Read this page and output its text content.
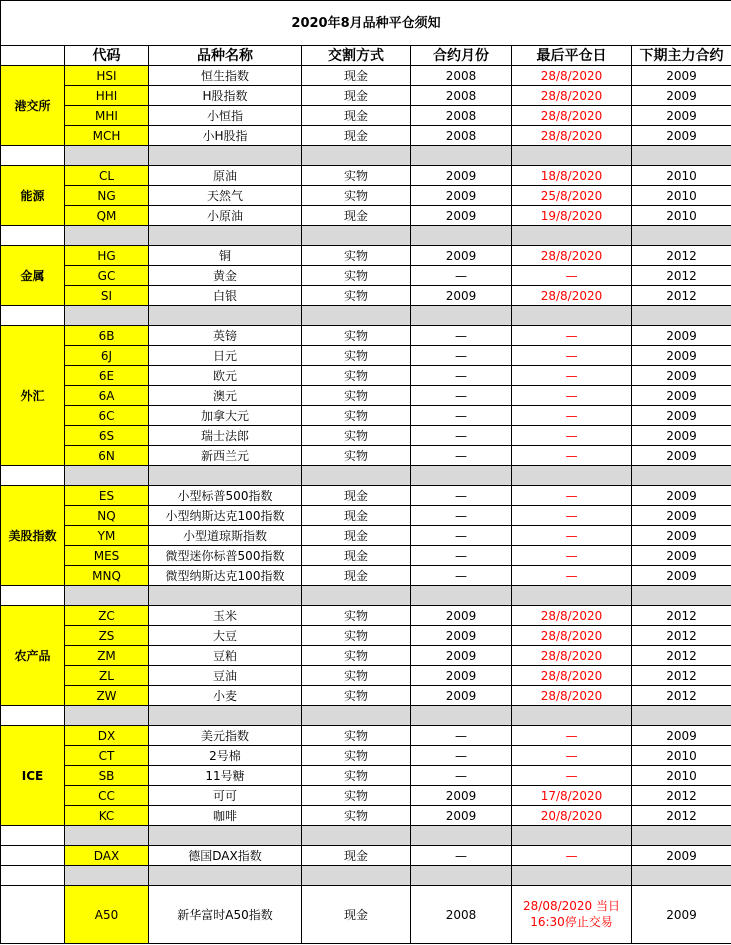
2020年8月品种平仓须知						
	代码	品种名称	交割方式	合约月份	最后平仓日	下期主力合约
港交所	HSI	恒生指数	现金	2008	28/8/2020	2009
	HHI	H股指数	现金	2008	28/8/2020	2009
	MHI	小恒指	现金	2008	28/8/2020	2009
	MCH	小H股指	现金	2008	28/8/2020	2009

能源	CL	原油	实物	2009	18/8/2020	2010
	NG	天然气	实物	2009	25/8/2020	2010
	QM	小原油	现金	2009	19/8/2020	2010

金属	HG	铜	实物	2009	28/8/2020	2012
	GC	黄金	实物	—	—	2012
	SI	白银	实物	2009	28/8/2020	2012

外汇	6B	英镑	实物	—	—	2009
	6J	日元	实物	—	—	2009
	6E	欧元	实物	—	—	2009
	6A	澳元	实物	—	—	2009
	6C	加拿大元	实物	—	—	2009
	6S	瑞士法郎	实物	—	—	2009
	6N	新西兰元	实物	—	—	2009

美股指数	ES	小型标普500指数	现金	—	—	2009
	NQ	小型纳斯达克100指数	现金	—	—	2009
	YM	小型道琼斯指数	现金	—	—	2009
	MES	微型迷你标普500指数	现金	—	—	2009
	MNQ	微型纳斯达克100指数	现金	—	—	2009

农产品	ZC	玉米	实物	2009	28/8/2020	2012
	ZS	大豆	实物	2009	28/8/2020	2012
	ZM	豆粕	实物	2009	28/8/2020	2012
	ZL	豆油	实物	2009	28/8/2020	2012
	ZW	小麦	实物	2009	28/8/2020	2012

ICE	DX	美元指数	实物	—	—	2009
	CT	2号棉	实物	—	—	2010
	SB	11号糖	实物	—	—	2010
	CC	可可	实物	2009	17/8/2020	2012
	KC	咖啡	实物	2009	20/8/2020	2012

	DAX	德国DAX指数	现金	—	—	2009

	A50	新华富时A50指数	现金	2008	28/08/2020 当日16:30停止交易	2009
